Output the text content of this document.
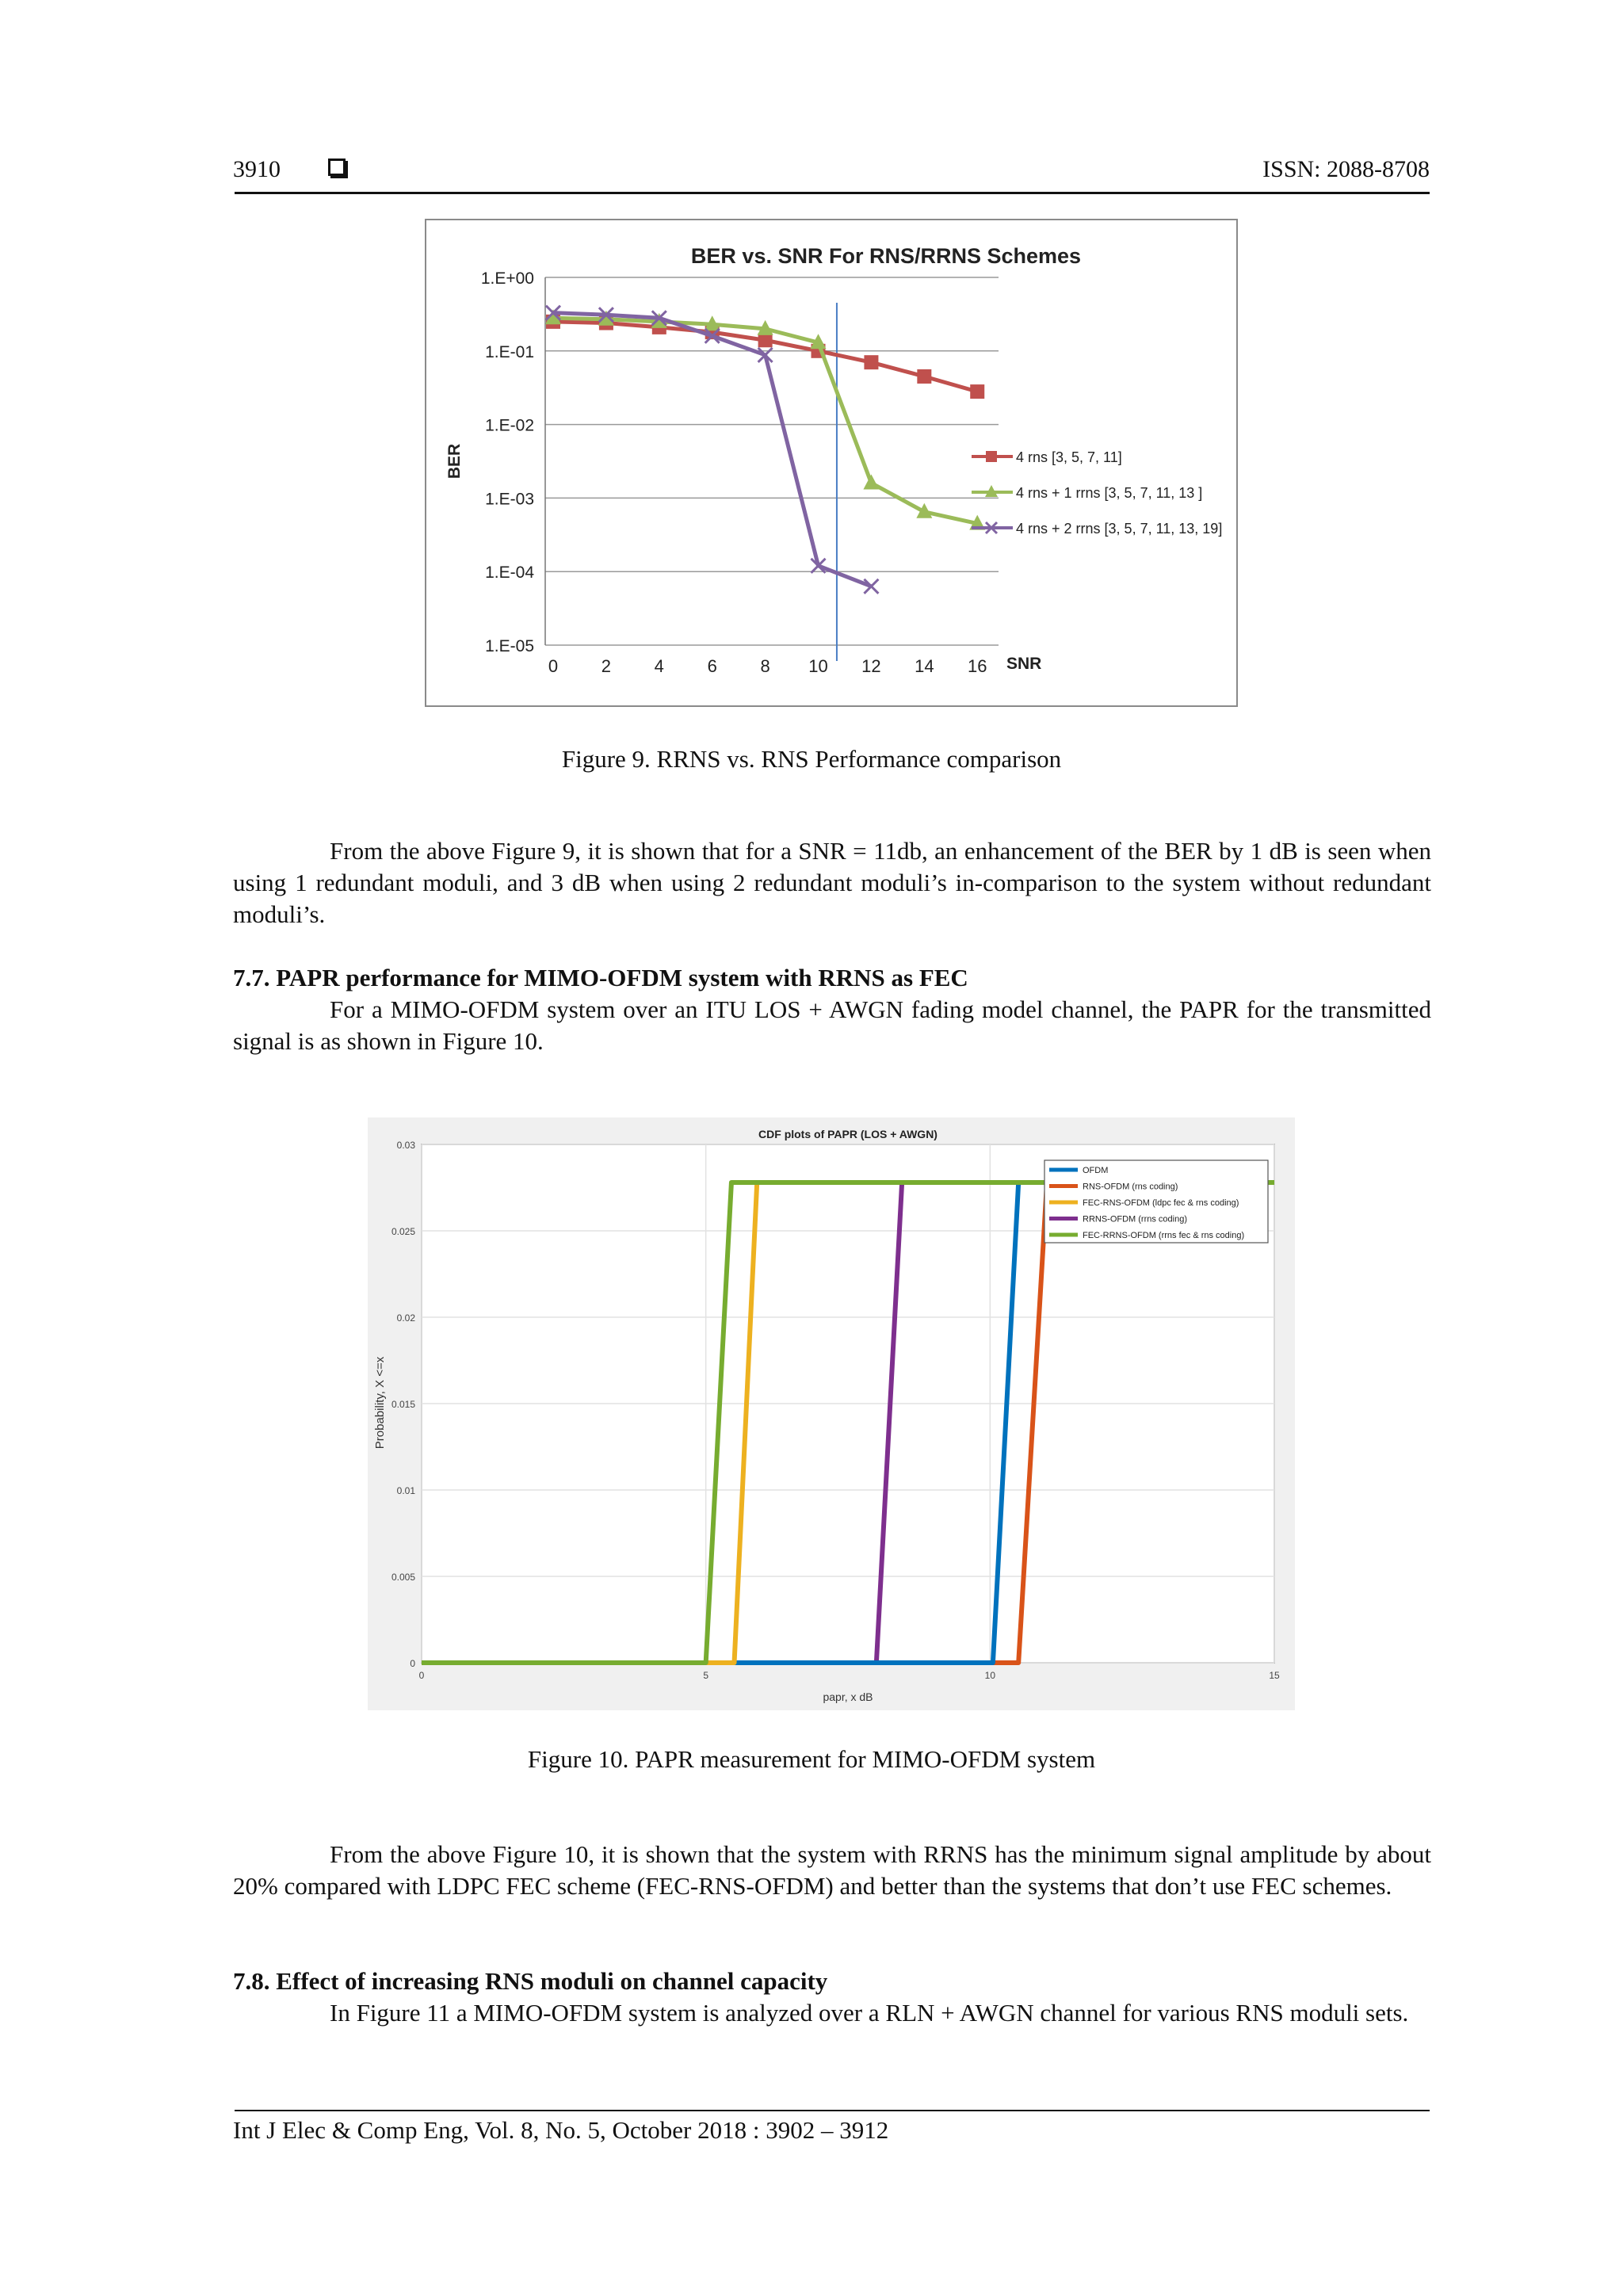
3910	ISSN: 2088-8708
BER vs. SNR For RNS/RRNS Schemes
1.E+00
1.E-01
1.E-02
1.E-03
1.E-04
1.E-05
0 2 4 6 8 10 12 14 16 SNR
BER	4 rns [3, 5, 7, 11]
4 rns + 1 rrns [3, 5, 7, 11, 13 ]
4 rns + 2 rrns [3, 5, 7, 11, 13, 19]
Figure 9. RRNS vs. RNS Performance comparison

From the above Figure 9, it is shown that for a SNR = 11db, an enhancement of the BER by 1 dB is seen when using 1 redundant moduli, and 3 dB when using 2 redundant moduli’s in-comparison to the system without redundant moduli’s.

7.7. PAPR performance for MIMO-OFDM system with RRNS as FEC

For a MIMO-OFDM system over an ITU LOS + AWGN fading model channel, the PAPR for the transmitted signal is as shown in Figure 10.

0
0.005
0.01
0.015
0.02
0.025
0.03
0	5	10	15
CDF plots of PAPR (LOS + AWGN)
papr, x dB
Probability, X <=x
OFDM
RNS-OFDM (rns coding)
FEC-RNS-OFDM (ldpc fec & rns coding)
RRNS-OFDM (rrns coding)
FEC-RRNS-OFDM (rrns fec & rns coding)
Figure 10. PAPR measurement for MIMO-OFDM system

From the above Figure 10, it is shown that the system with RRNS has the minimum signal amplitude by about 20% compared with LDPC FEC scheme (FEC-RNS-OFDM) and better than the systems that don’t use FEC schemes.

7.8. Effect of increasing RNS moduli on channel capacity

In Figure 11 a MIMO-OFDM system is analyzed over a RLN + AWGN channel for various RNS moduli sets.

Int J Elec & Comp Eng, Vol. 8, No. 5, October 2018 : 3902 – 3912
